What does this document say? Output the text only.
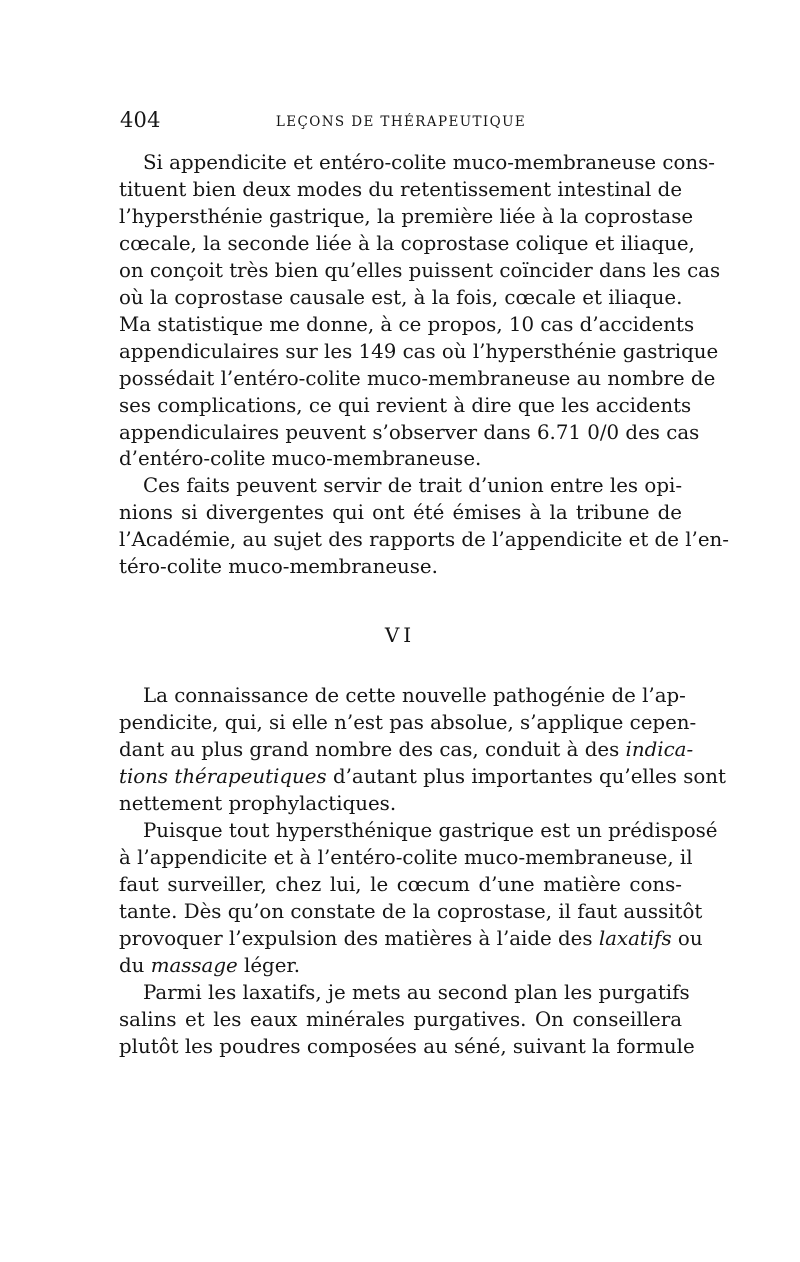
404	LEÇONS DE THÉRAPEUTIQUE
Si appendicite et entéro-colite muco-membraneuse cons-
tituent bien deux modes du retentissement intestinal de
l’hypersthénie gastrique, la première liée à la coprostase
cœcale, la seconde liée à la coprostase colique et iliaque,
on conçoit très bien qu’elles puissent coïncider dans les cas
où la coprostase causale est, à la fois, cœcale et iliaque.
Ma statistique me donne, à ce propos, 10 cas d’accidents
appendiculaires sur les 149 cas où l’hypersthénie gastrique
possédait l’entéro-colite muco-membraneuse au nombre de
ses complications, ce qui revient à dire que les accidents
appendiculaires peuvent s’observer dans 6.71 0/0 des cas
d’entéro-colite muco-membraneuse.
Ces faits peuvent servir de trait d’union entre les opi-
nions si divergentes qui ont été émises à la tribune de
l’Académie, au sujet des rapports de l’appendicite et de l’en-
téro-colite muco-membraneuse.
VI
La connaissance de cette nouvelle pathogénie de l’ap-
pendicite, qui, si elle n’est pas absolue, s’applique cepen-
dant au plus grand nombre des cas, conduit à des indica-
tions thérapeutiques d’autant plus importantes qu’elles sont
nettement prophylactiques.
Puisque tout hypersthénique gastrique est un prédisposé
à l’appendicite et à l’entéro-colite muco-membraneuse, il
faut surveiller, chez lui, le cœcum d’une matière cons-
tante. Dès qu’on constate de la coprostase, il faut aussitôt
provoquer l’expulsion des matières à l’aide des laxatifs ou
du massage léger.
Parmi les laxatifs, je mets au second plan les purgatifs
salins et les eaux minérales purgatives. On conseillera
plutôt les poudres composées au séné, suivant la formule
